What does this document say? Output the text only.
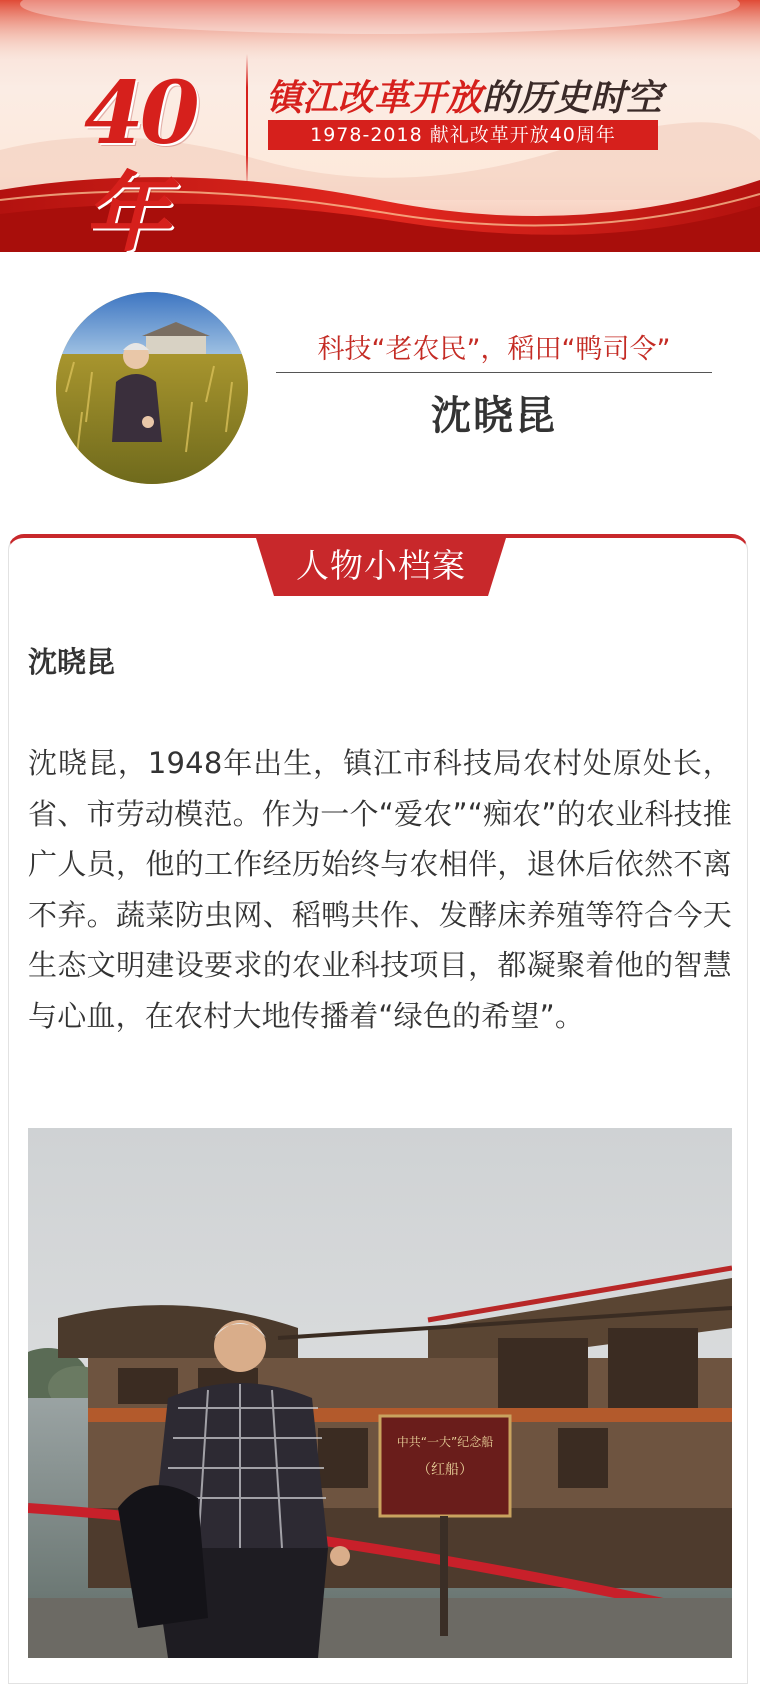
40年
镇江改革开放的历史时空
1978-2018 献礼改革开放40周年
科技“老农民”，稻田“鸭司令”
沈晓昆
人物小档案
沈晓昆
沈晓昆，1948年出生，镇江市科技局农村处原处长，省、市劳动模范。作为一个“爱农”“痴农”的农业科技推广人员，他的工作经历始终与农相伴，退休后依然不离不弃。蔬菜防虫网、稻鸭共作、发酵床养殖等符合今天生态文明建设要求的农业科技项目，都凝聚着他的智慧与心血，在农村大地传播着“绿色的希望”。
中共“一大”纪念船
（红船）
